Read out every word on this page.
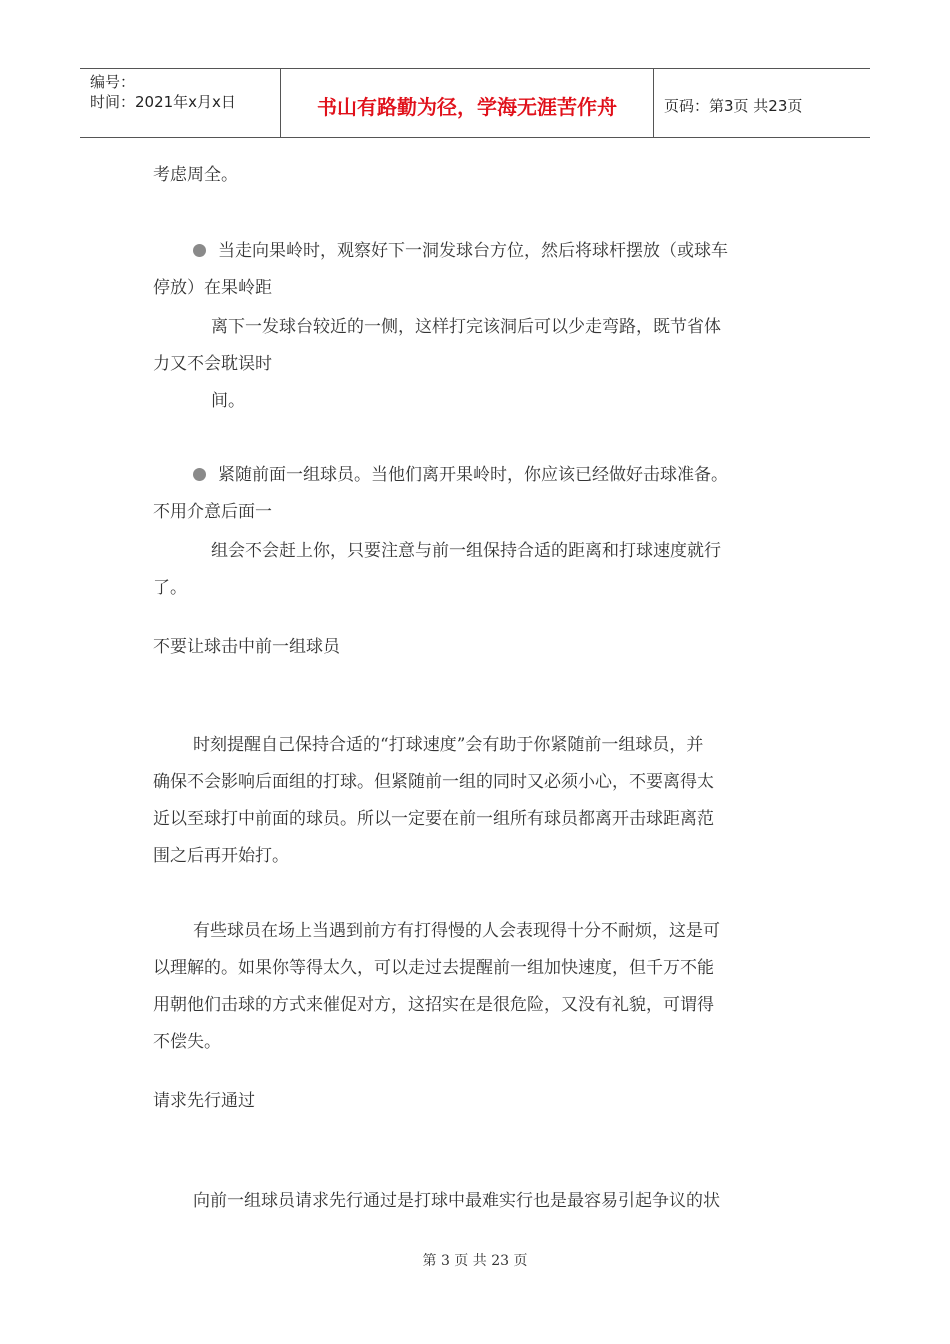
编号：
时间：2021年x月x日	书山有路勤为径，学海无涯苦作舟	页码：第3页 共23页
考虑周全。
当走向果岭时，观察好下一洞发球台方位，然后将球杆摆放（或球车
停放）在果岭距
离下一发球台较近的一侧，这样打完该洞后可以少走弯路，既节省体
力又不会耽误时
间。
紧随前面一组球员。当他们离开果岭时，你应该已经做好击球准备。
不用介意后面一
组会不会赶上你，只要注意与前一组保持合适的距离和打球速度就行
了。
不要让球击中前一组球员
时刻提醒自己保持合适的“打球速度”会有助于你紧随前一组球员，并
确保不会影响后面组的打球。但紧随前一组的同时又必须小心，不要离得太
近以至球打中前面的球员。所以一定要在前一组所有球员都离开击球距离范
围之后再开始打。
有些球员在场上当遇到前方有打得慢的人会表现得十分不耐烦，这是可
以理解的。如果你等得太久，可以走过去提醒前一组加快速度，但千万不能
用朝他们击球的方式来催促对方，这招实在是很危险，又没有礼貌，可谓得
不偿失。
请求先行通过
向前一组球员请求先行通过是打球中最难实行也是最容易引起争议的状
第 3 页 共 23 页
